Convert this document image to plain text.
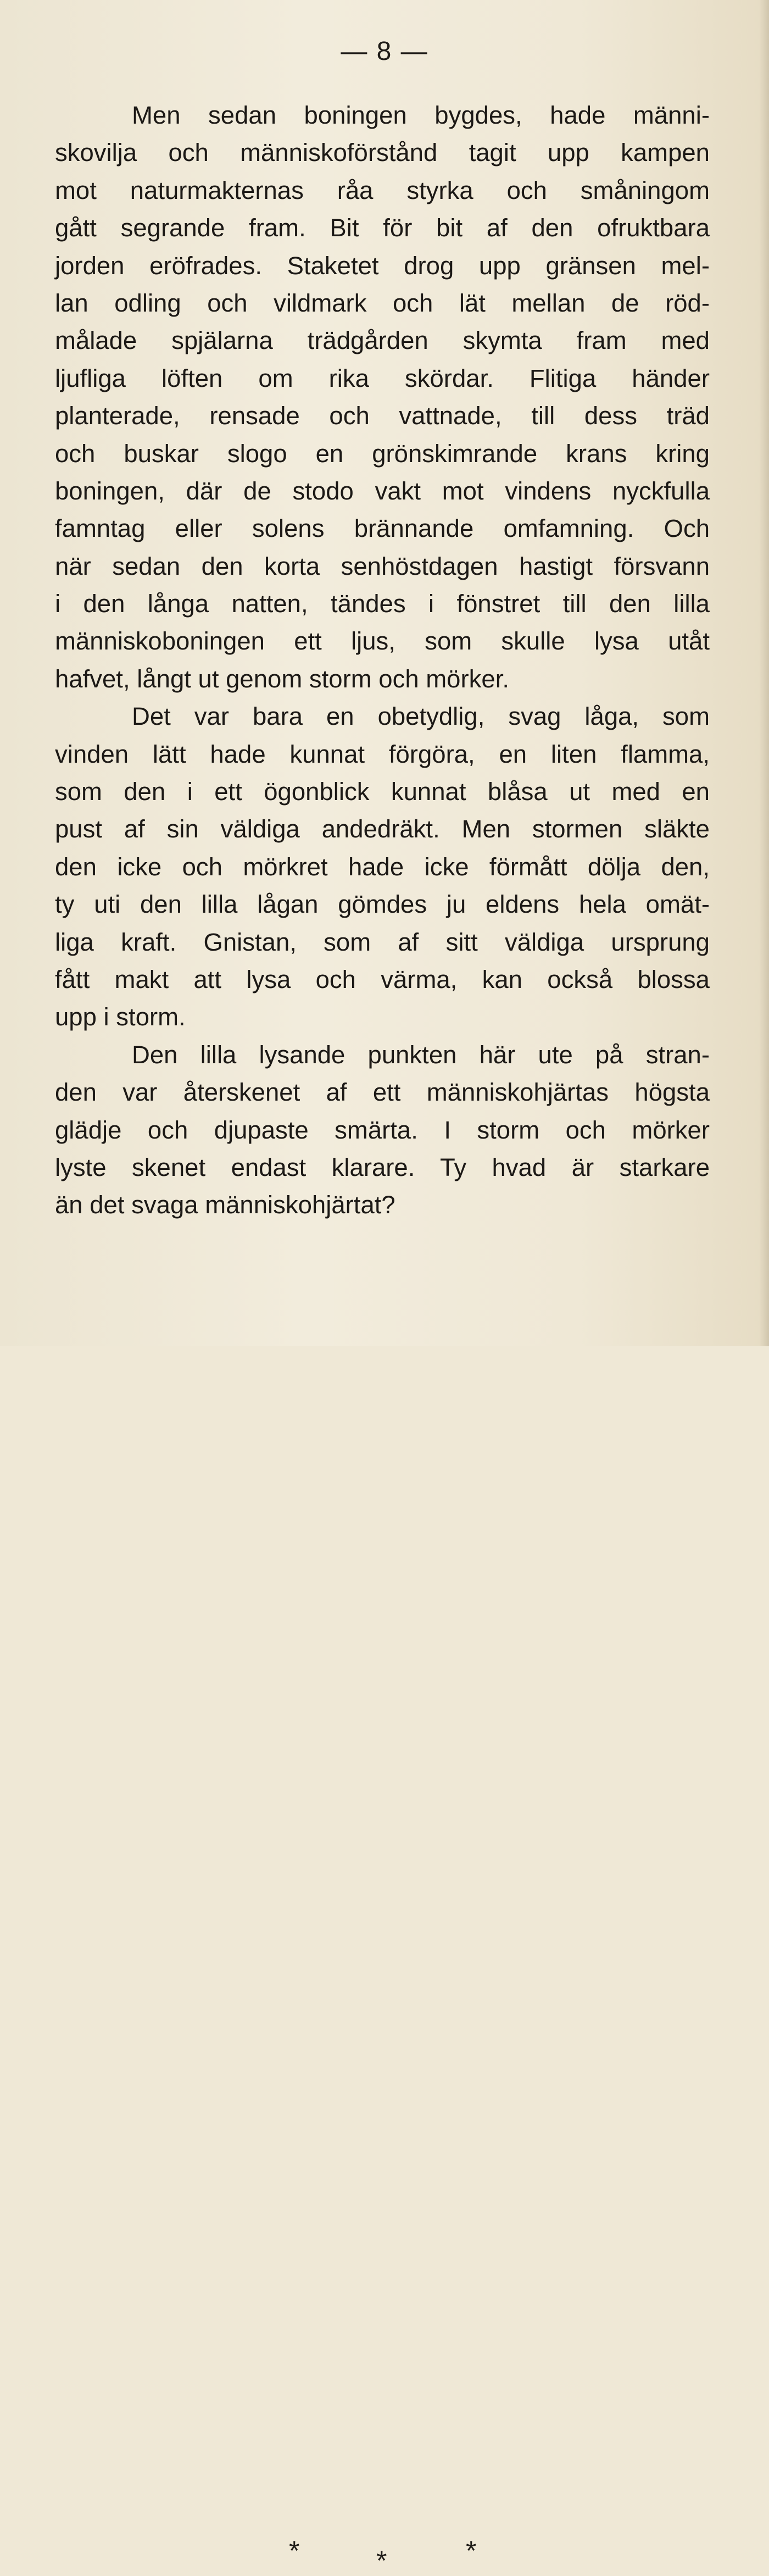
— 8 —
Men sedan boningen bygdes, hade männi-
skovilja och människoförstånd tagit upp kampen
mot naturmakternas råa styrka och småningom
gått segrande fram. Bit för bit af den ofruktbara
jorden eröfrades. Staketet drog upp gränsen mel-
lan odling och vildmark och lät mellan de röd-
målade spjälarna trädgården skymta fram med
ljufliga löften om rika skördar. Flitiga händer
planterade, rensade och vattnade, till dess träd
och buskar slogo en grönskimrande krans kring
boningen, där de stodo vakt mot vindens nyckfulla
famntag eller solens brännande omfamning. Och
när sedan den korta senhöstdagen hastigt försvann
i den långa natten, tändes i fönstret till den lilla
människoboningen ett ljus, som skulle lysa utåt
hafvet, långt ut genom storm och mörker.
Det var bara en obetydlig, svag låga, som
vinden lätt hade kunnat förgöra, en liten flamma,
som den i ett ögonblick kunnat blåsa ut med en
pust af sin väldiga andedräkt. Men stormen släkte
den icke och mörkret hade icke förmått dölja den,
ty uti den lilla lågan gömdes ju eldens hela omät-
liga kraft. Gnistan, som af sitt väldiga ursprung
fått makt att lysa och värma, kan också blossa
upp i storm.
Den lilla lysande punkten här ute på stran-
den var återskenet af ett människohjärtas högsta
glädje och djupaste smärta. I storm och mörker
lyste skenet endast klarare. Ty hvad är starkare
än det svaga människohjärtat?
*	*	*
